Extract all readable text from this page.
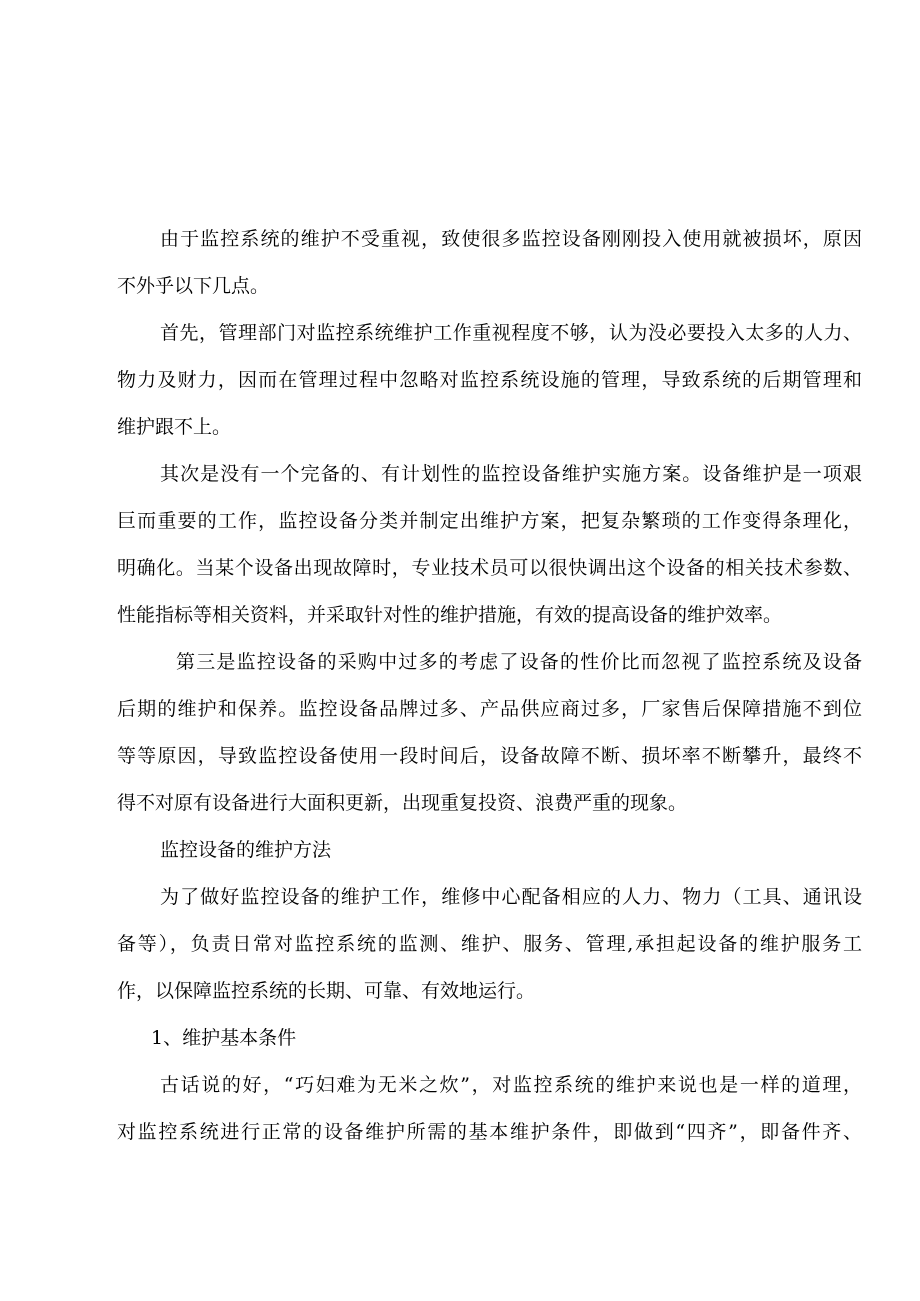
由于监控系统的维护不受重视，致使很多监控设备刚刚投入使用就被损坏，原因
不外乎以下几点。
首先，管理部门对监控系统维护工作重视程度不够，认为没必要投入太多的人力、
物力及财力，因而在管理过程中忽略对监控系统设施的管理，导致系统的后期管理和
维护跟不上。
其次是没有一个完备的、有计划性的监控设备维护实施方案。设备维护是一项艰
巨而重要的工作，监控设备分类并制定出维护方案，把复杂繁琐的工作变得条理化，
明确化。当某个设备出现故障时，专业技术员可以很快调出这个设备的相关技术参数、
性能指标等相关资料，并采取针对性的维护措施，有效的提高设备的维护效率。
第三是监控设备的采购中过多的考虑了设备的性价比而忽视了监控系统及设备
后期的维护和保养。监控设备品牌过多、产品供应商过多，厂家售后保障措施不到位
等等原因，导致监控设备使用一段时间后，设备故障不断、损坏率不断攀升，最终不
得不对原有设备进行大面积更新，出现重复投资、浪费严重的现象。
监控设备的维护方法
为了做好监控设备的维护工作，维修中心配备相应的人力、物力（工具、通讯设
备等），负责日常对监控系统的监测、维护、服务、管理,承担起设备的维护服务工
作，以保障监控系统的长期、可靠、有效地运行。
1、维护基本条件
古话说的好，“巧妇难为无米之炊”，对监控系统的维护来说也是一样的道理，
对监控系统进行正常的设备维护所需的基本维护条件，即做到“四齐”，即备件齐、
